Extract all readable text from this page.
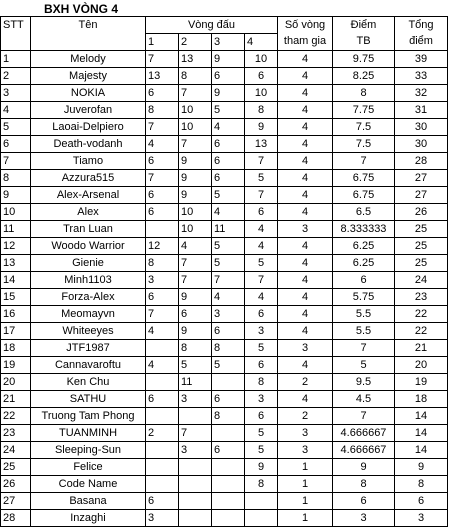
BXH VÒNG 4
STT	Tên	Vòng đấu				Số vòng	Điểm	Tổng
		1	2	3	4	tham gia	TB	điểm
1	Melody	7	13	9	10	4	9.75	39
2	Majesty	13	8	6	6	4	8.25	33
3	NOKIA	6	7	9	10	4	8	32
4	Juverofan	8	10	5	8	4	7.75	31
5	Laoai-Delpiero	7	10	4	9	4	7.5	30
6	Death-vodanh	4	7	6	13	4	7.5	30
7	Tiamo	6	9	6	7	4	7	28
8	Azzura515	7	9	6	5	4	6.75	27
9	Alex-Arsenal	6	9	5	7	4	6.75	27
10	Alex	6	10	4	6	4	6.5	26
11	Tran Luan		10	11	4	3	8.333333	25
12	Woodo Warrior	12	4	5	4	4	6.25	25
13	Gienie	8	7	5	5	4	6.25	25
14	Minh1103	3	7	7	7	4	6	24
15	Forza-Alex	6	9	4	4	4	5.75	23
16	Meomayvn	7	6	3	6	4	5.5	22
17	Whiteeyes	4	9	6	3	4	5.5	22
18	JTF1987		8	8	5	3	7	21
19	Cannavaroftu	4	5	5	6	4	5	20
20	Ken Chu		11		8	2	9.5	19
21	SATHU	6	3	6	3	4	4.5	18
22	Truong Tam Phong			8	6	2	7	14
23	TUANMINH	2	7		5	3	4.666667	14
24	Sleeping-Sun		3	6	5	3	4.666667	14
25	Felice				9	1	9	9
26	Code Name				8	1	8	8
27	Basana	6				1	6	6
28	Inzaghi	3				1	3	3
